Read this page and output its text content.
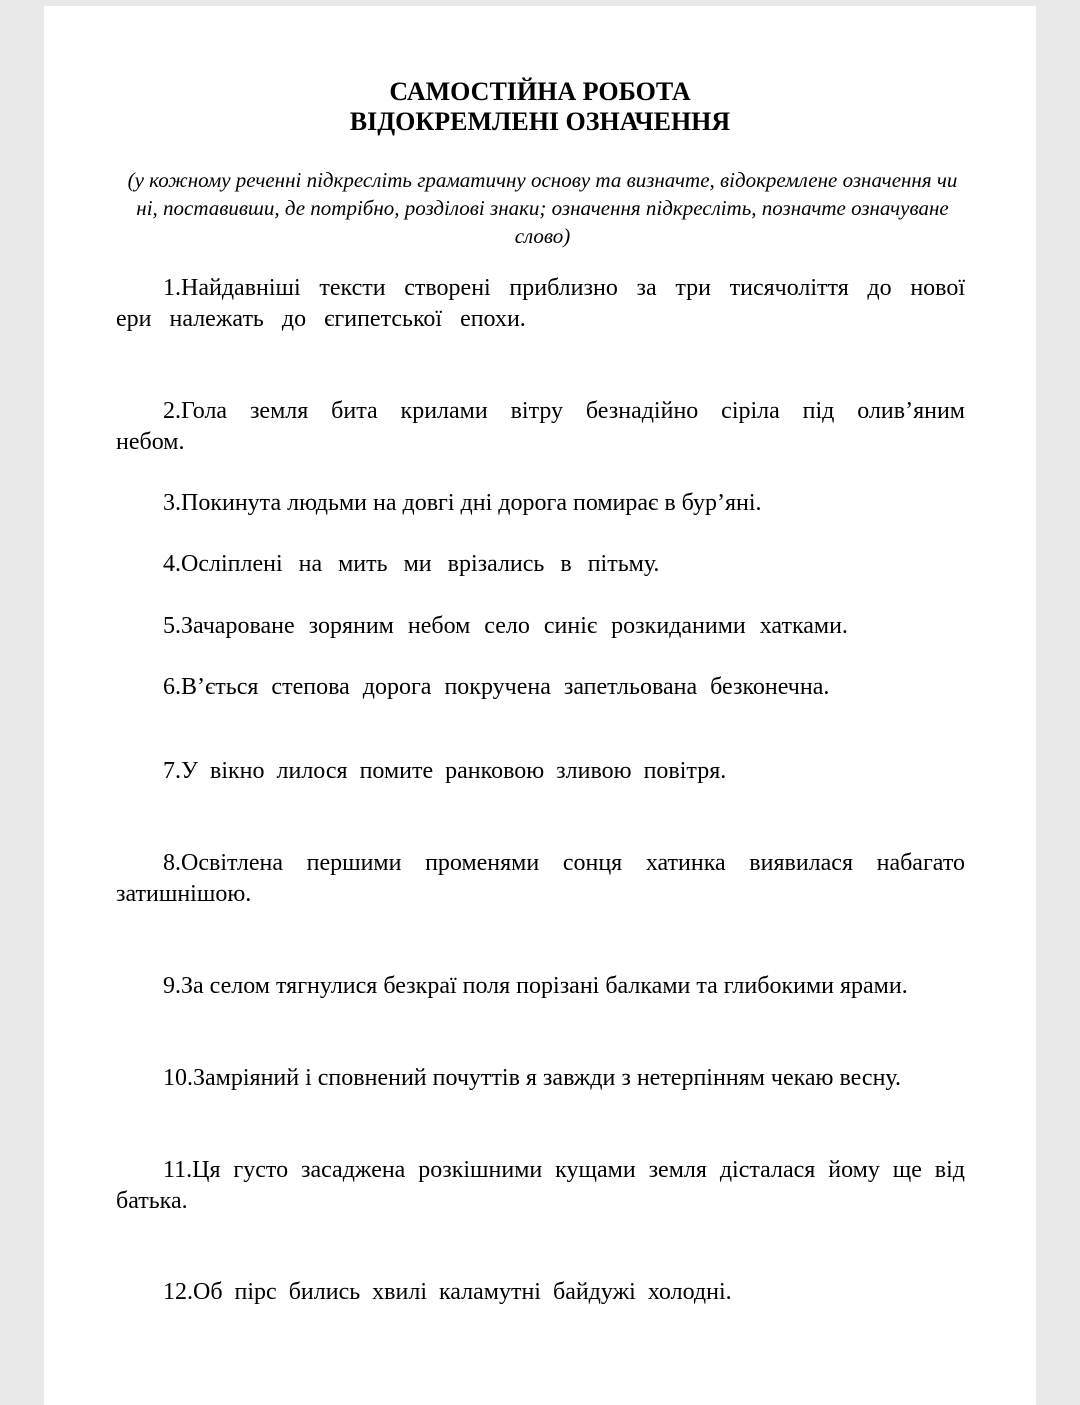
САМОСТІЙНА РОБОТА
ВІДОКРЕМЛЕНІ ОЗНАЧЕННЯ
(у кожному реченні підкресліть граматичну основу та визначте, відокремлене означення чи ні, поставивши, де потрібно, розділові знаки; означення підкресліть, позначте означуване слово)
1.Найдавніші тексти створені приблизно за три тисячоліття до нової ери належать до єгипетської епохи.
2.Гола земля бита крилами вітру безнадійно сіріла під олив’яним небом.
3.Покинута людьми на довгі дні дорога помирає в бур’яні.
4.Осліплені на мить ми врізались в пітьму.
5.Зачароване зоряним небом село синіє розкиданими хатками.
6.В’ється степова дорога покручена запетльована безконечна.
7.У вікно лилося помите ранковою зливою повітря.
8.Освітлена першими променями сонця хатинка виявилася набагато затишнішою.
9.За селом тягнулися безкраї поля порізані балками та глибокими ярами.
10.Замріяний і сповнений почуттів я завжди з нетерпінням чекаю весну.
11.Ця густо засаджена розкішними кущами земля дісталася йому ще від батька.
12.Об пірс бились хвилі каламутні байдужі холодні.
